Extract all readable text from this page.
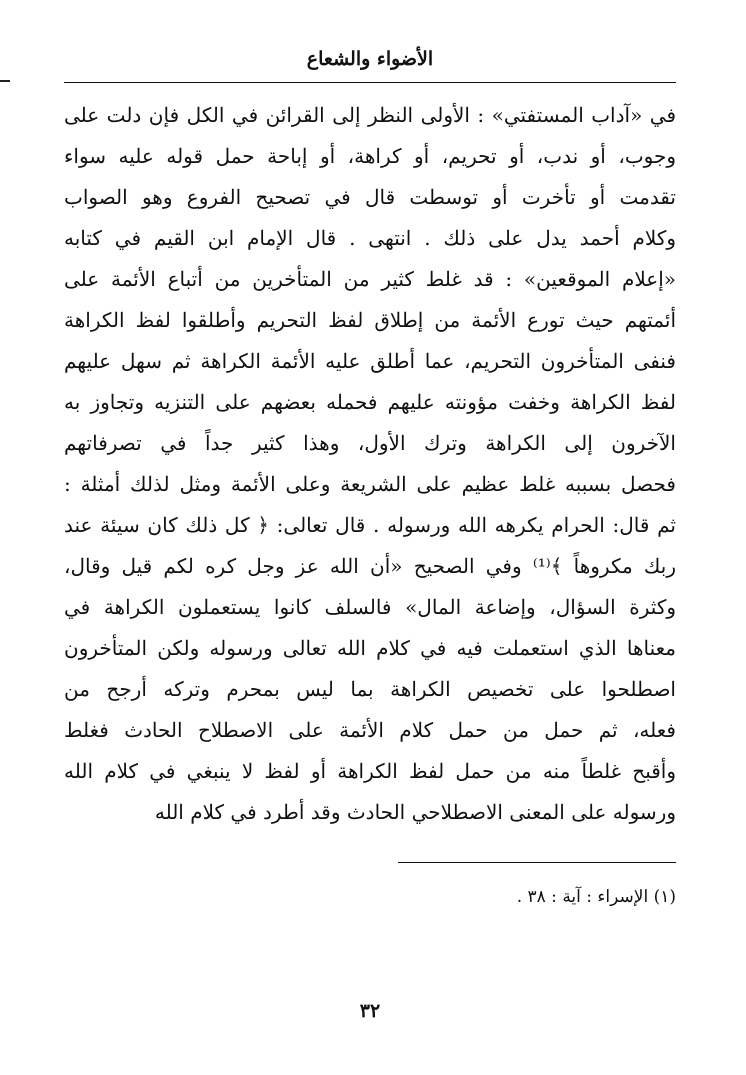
الأضواء والشعاع
في «آداب المستفتي» : الأولى النظر إلى القرائن في الكل فإن دلت على
وجوب، أو ندب، أو تحريم، أو كراهة، أو إباحة حمل قوله عليه سواء
تقدمت أو تأخرت أو توسطت قال في تصحيح الفروع وهو الصواب
وكلام أحمد يدل على ذلك . انتهى . قال الإمام ابن القيم في كتابه
«إعلام الموقعين» : قد غلط كثير من المتأخرين من أتباع الأئمة على
أئمتهم حيث تورع الأئمة من إطلاق لفظ التحريم وأطلقوا لفظ الكراهة
فنفى المتأخرون التحريم، عما أطلق عليه الأئمة الكراهة ثم سهل عليهم
لفظ الكراهة وخفت مؤونته عليهم فحمله بعضهم على التنزيه وتجاوز به
الآخرون إلى الكراهة وترك الأول، وهذا كثير جداً في تصرفاتهم
فحصل بسببه غلط عظيم على الشريعة وعلى الأئمة ومثل لذلك أمثلة :
ثم قال: الحرام يكرهه الله ورسوله . قال تعالى: ﴿ كل ذلك كان سيئة عند
ربك مكروهاً ﴾⁽¹⁾ وفي الصحيح «أن الله عز وجل كره لكم قيل وقال،
وكثرة السؤال، وإضاعة المال» فالسلف كانوا يستعملون الكراهة في
معناها الذي استعملت فيه في كلام الله تعالى ورسوله ولكن المتأخرون
اصطلحوا على تخصيص الكراهة بما ليس بمحرم وتركه أرجح من
فعله، ثم حمل من حمل كلام الأئمة على الاصطلاح الحادث فغلط
وأقبح غلطاً منه من حمل لفظ الكراهة أو لفظ لا ينبغي في كلام الله
ورسوله على المعنى الاصطلاحي الحادث وقد أطرد في كلام الله
(١) الإسراء : آية : ٣٨ .
٣٢
